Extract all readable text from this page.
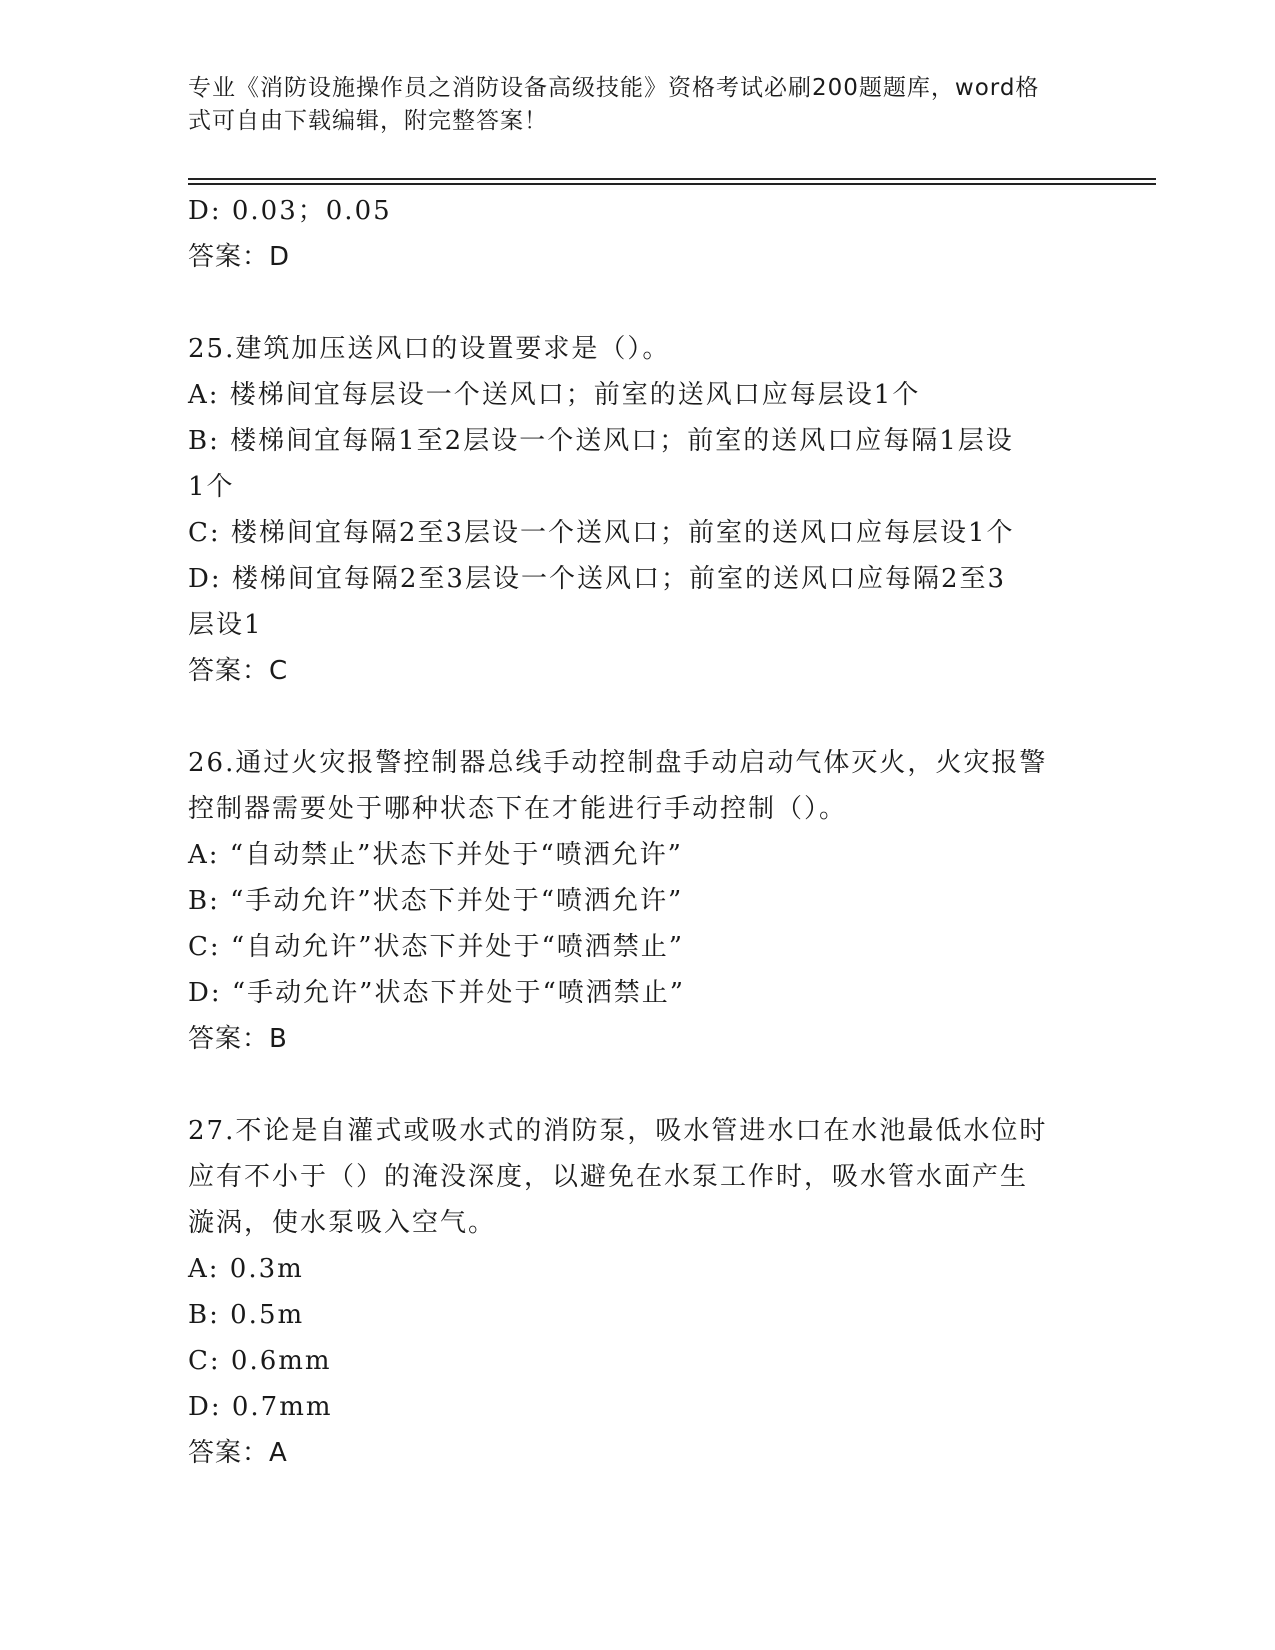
专业《消防设施操作员之消防设备高级技能》资格考试必刷200题题库，word格
式可自由下载编辑，附完整答案！
D: 0.03；0.05
答案：D
25.建筑加压送风口的设置要求是（）。
A: 楼梯间宜每层设一个送风口；前室的送风口应每层设1个
B: 楼梯间宜每隔1至2层设一个送风口；前室的送风口应每隔1层设
1个
C: 楼梯间宜每隔2至3层设一个送风口；前室的送风口应每层设1个
D: 楼梯间宜每隔2至3层设一个送风口；前室的送风口应每隔2至3
层设1
答案：C
26.通过火灾报警控制器总线手动控制盘手动启动气体灭火，火灾报警
控制器需要处于哪种状态下在才能进行手动控制（）。
A: “自动禁止”状态下并处于“喷洒允许”
B: “手动允许”状态下并处于“喷洒允许”
C: “自动允许”状态下并处于“喷洒禁止”
D: “手动允许”状态下并处于“喷洒禁止”
答案：B
27.不论是自灌式或吸水式的消防泵，吸水管进水口在水池最低水位时
应有不小于（）的淹没深度，以避免在水泵工作时，吸水管水面产生
漩涡，使水泵吸入空气。
A: 0.3m
B: 0.5m
C: 0.6mm
D: 0.7mm
答案：A
